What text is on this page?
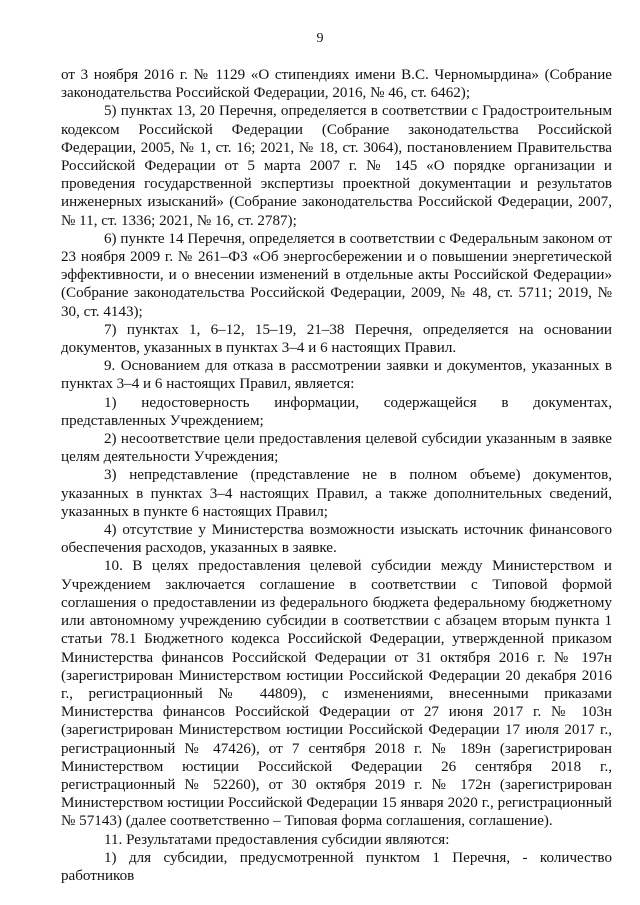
9

от 3 ноября 2016 г. № 1129 «О стипендиях имени В.С. Черномырдина» (Собрание законодательства Российской Федерации, 2016, № 46, ст. 6462);

5) пунктах 13, 20 Перечня, определяется в соответствии с Градостроительным кодексом Российской Федерации (Собрание законодательства Российской Федерации, 2005, № 1, ст. 16; 2021, № 18, ст. 3064), постановлением Правительства Российской Федерации от 5 марта 2007 г. № 145 «О порядке организации и проведения государственной экспертизы проектной документации и результатов инженерных изысканий» (Собрание законодательства Российской Федерации, 2007, № 11, ст. 1336; 2021, № 16, ст. 2787);

6) пункте 14 Перечня, определяется в соответствии с Федеральным законом от 23 ноября 2009 г. № 261–ФЗ «Об энергосбережении и о повышении энергетической эффективности, и о внесении изменений в отдельные акты Российской Федерации» (Собрание законодательства Российской Федерации, 2009, № 48, ст. 5711; 2019, № 30, ст. 4143);

7) пунктах 1, 6–12, 15–19, 21–38 Перечня, определяется на основании документов, указанных в пунктах 3–4 и 6 настоящих Правил.

9. Основанием для отказа в рассмотрении заявки и документов, указанных в пунктах 3–4 и 6 настоящих Правил, является:

1) недостоверность информации, содержащейся в документах, представленных Учреждением;

2) несоответствие цели предоставления целевой субсидии указанным в заявке целям деятельности Учреждения;

3) непредставление (представление не в полном объеме) документов, указанных в пунктах 3–4 настоящих Правил, а также дополнительных сведений, указанных в пункте 6 настоящих Правил;

4) отсутствие у Министерства возможности изыскать источник финансового обеспечения расходов, указанных в заявке.

10. В целях предоставления целевой субсидии между Министерством и Учреждением заключается соглашение в соответствии с Типовой формой соглашения о предоставлении из федерального бюджета федеральному бюджетному или автономному учреждению субсидии в соответствии с абзацем вторым пункта 1 статьи 78.1 Бюджетного кодекса Российской Федерации, утвержденной приказом Министерства финансов Российской Федерации от 31 октября 2016 г. № 197н (зарегистрирован Министерством юстиции Российской Федерации 20 декабря 2016 г., регистрационный № 44809), с изменениями, внесенными приказами Министерства финансов Российской Федерации от 27 июня 2017 г. № 103н (зарегистрирован Министерством юстиции Российской Федерации 17 июля 2017 г., регистрационный № 47426), от 7 сентября 2018 г. № 189н (зарегистрирован Министерством юстиции Российской Федерации 26 сентября 2018 г., регистрационный № 52260), от 30 октября 2019 г. № 172н (зарегистрирован Министерством юстиции Российской Федерации 15 января 2020 г., регистрационный № 57143) (далее соответственно – Типовая форма соглашения, соглашение).

11. Результатами предоставления субсидии являются:

1) для субсидии, предусмотренной пунктом 1 Перечня, - количество работников
